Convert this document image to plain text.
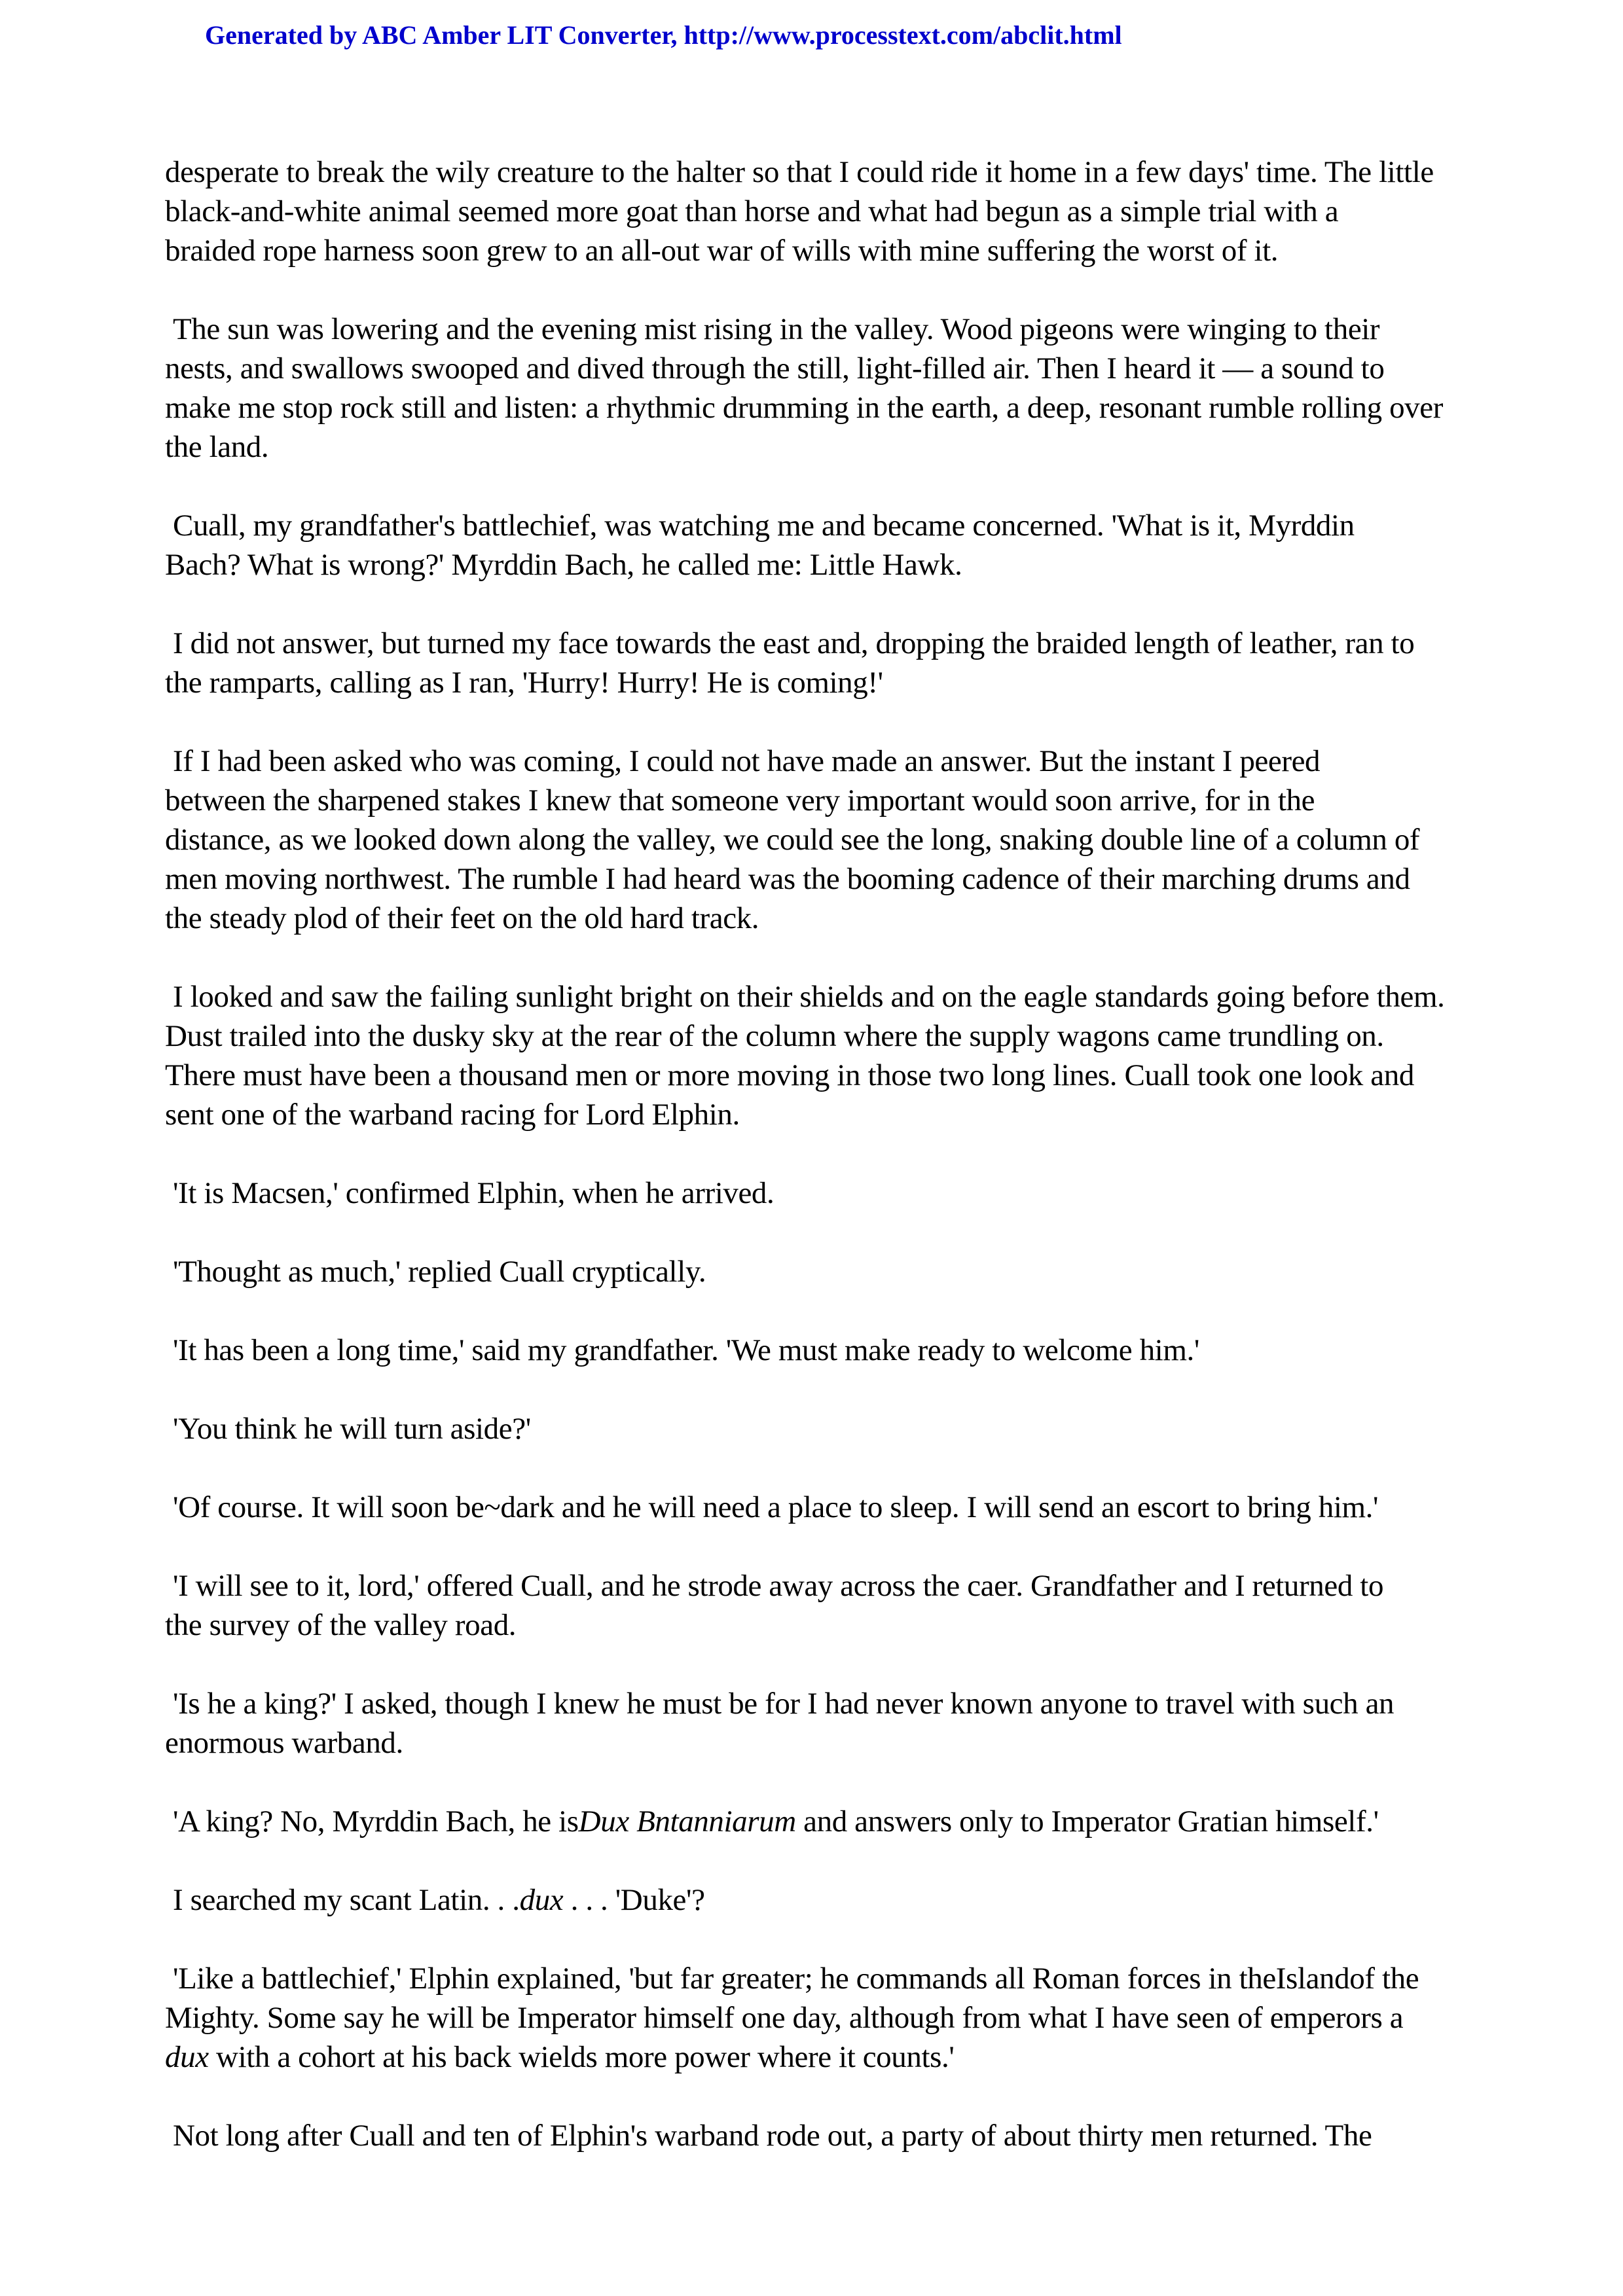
Generated by ABC Amber LIT Converter, http://www.processtext.com/abclit.html

desperate to break the wily creature to the halter so that I could ride it home in a few days' time. The little
black-and-white animal seemed more goat than horse and what had begun as a simple trial with a
braided rope harness soon grew to an all-out war of wills with mine suffering the worst of it.

The sun was lowering and the evening mist rising in the valley. Wood pigeons were winging to their
nests, and swallows swooped and dived through the still, light-filled air. Then I heard it — a sound to
make me stop rock still and listen: a rhythmic drumming in the earth, a deep, resonant rumble rolling over
the land.

Cuall, my grandfather's battlechief, was watching me and became concerned. 'What is it, Myrddin
Bach? What is wrong?' Myrddin Bach, he called me: Little Hawk.

I did not answer, but turned my face towards the east and, dropping the braided length of leather, ran to
the ramparts, calling as I ran, 'Hurry! Hurry! He is coming!'

If I had been asked who was coming, I could not have made an answer. But the instant I peered
between the sharpened stakes I knew that someone very important would soon arrive, for in the
distance, as we looked down along the valley, we could see the long, snaking double line of a column of
men moving northwest. The rumble I had heard was the booming cadence of their marching drums and
the steady plod of their feet on the old hard track.

I looked and saw the failing sunlight bright on their shields and on the eagle standards going before them.
Dust trailed into the dusky sky at the rear of the column where the supply wagons came trundling on.
There must have been a thousand men or more moving in those two long lines. Cuall took one look and
sent one of the warband racing for Lord Elphin.

'It is Macsen,' confirmed Elphin, when he arrived.

'Thought as much,' replied Cuall cryptically.

'It has been a long time,' said my grandfather. 'We must make ready to welcome him.'

'You think he will turn aside?'

'Of course. It will soon be~dark and he will need a place to sleep. I will send an escort to bring him.'

'I will see to it, lord,' offered Cuall, and he strode away across the caer. Grandfather and I returned to
the survey of the valley road.

'Is he a king?' I asked, though I knew he must be for I had never known anyone to travel with such an
enormous warband.

'A king? No, Myrddin Bach, he isDux Bntanniarum and answers only to Imperator Gratian himself.'

I searched my scant Latin. . .dux . . . 'Duke'?

'Like a battlechief,' Elphin explained, 'but far greater; he commands all Roman forces in theIslandof the
Mighty. Some say he will be Imperator himself one day, although from what I have seen of emperors a
dux with a cohort at his back wields more power where it counts.'

Not long after Cuall and ten of Elphin's warband rode out, a party of about thirty men returned. The
